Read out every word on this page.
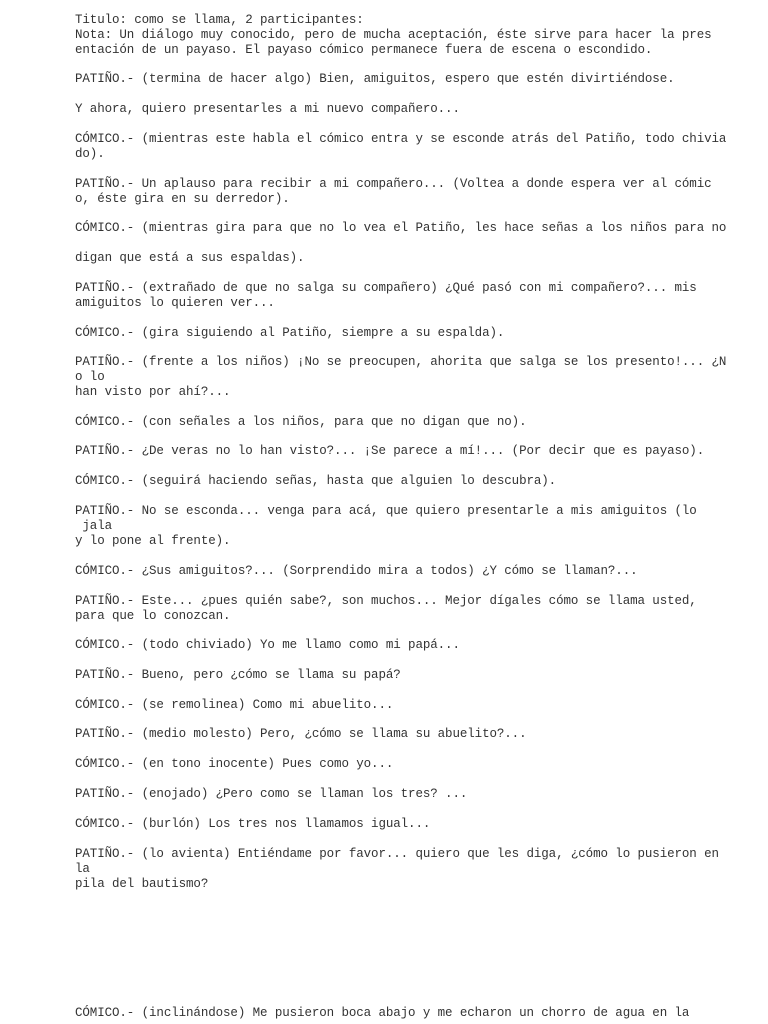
Titulo: como se llama, 2 participantes:

Nota: Un diálogo muy conocido, pero de mucha aceptación, éste sirve para hacer la pres

entación de un payaso. El payaso cómico permanece fuera de escena o escondido.

PATIÑO.- (termina de hacer algo) Bien, amiguitos, espero que estén divirtiéndose.

Y ahora, quiero presentarles a mi nuevo compañero...

CÓMICO.- (mientras este habla el cómico entra y se esconde atrás del Patiño, todo chivia

do).

PATIÑO.- Un aplauso para recibir a mi compañero... (Voltea a donde espera ver al cómic

o, éste gira en su derredor).

CÓMICO.- (mientras gira para que no lo vea el Patiño, les hace señas a los niños para no

digan que está a sus espaldas).

PATIÑO.- (extrañado de que no salga su compañero) ¿Qué pasó con mi compañero?... mis

amiguitos lo quieren ver...

CÓMICO.- (gira siguiendo al Patiño, siempre a su espalda).

PATIÑO.- (frente a los niños) ¡No se preocupen, ahorita que salga se los presento!... ¿N

o lo

han visto por ahí?...

CÓMICO.- (con señales a los niños, para que no digan que no).

PATIÑO.- ¿De veras no lo han visto?... ¡Se parece a mí!... (Por decir que es payaso).

CÓMICO.- (seguirá haciendo señas, hasta que alguien lo descubra).

PATIÑO.- No se esconda... venga para acá, que quiero presentarle a mis amiguitos (lo

jala

y lo pone al frente).

CÓMICO.- ¿Sus amiguitos?... (Sorprendido mira a todos) ¿Y cómo se llaman?...

PATIÑO.- Este... ¿pues quién sabe?, son muchos... Mejor dígales cómo se llama usted,

para que lo conozcan.

CÓMICO.- (todo chiviado) Yo me llamo como mi papá...

PATIÑO.- Bueno, pero ¿cómo se llama su papá?

CÓMICO.- (se remolinea) Como mi abuelito...

PATIÑO.- (medio molesto) Pero, ¿cómo se llama su abuelito?...

CÓMICO.- (en tono inocente) Pues como yo...

PATIÑO.- (enojado) ¿Pero como se llaman los tres? ...

CÓMICO.- (burlón) Los tres nos llamamos igual...

PATIÑO.- (lo avienta) Entiéndame por favor... quiero que les diga, ¿cómo lo pusieron en

la

pila del bautismo?

CÓMICO.- (inclinándose) Me pusieron boca abajo y me echaron un chorro de agua en la
